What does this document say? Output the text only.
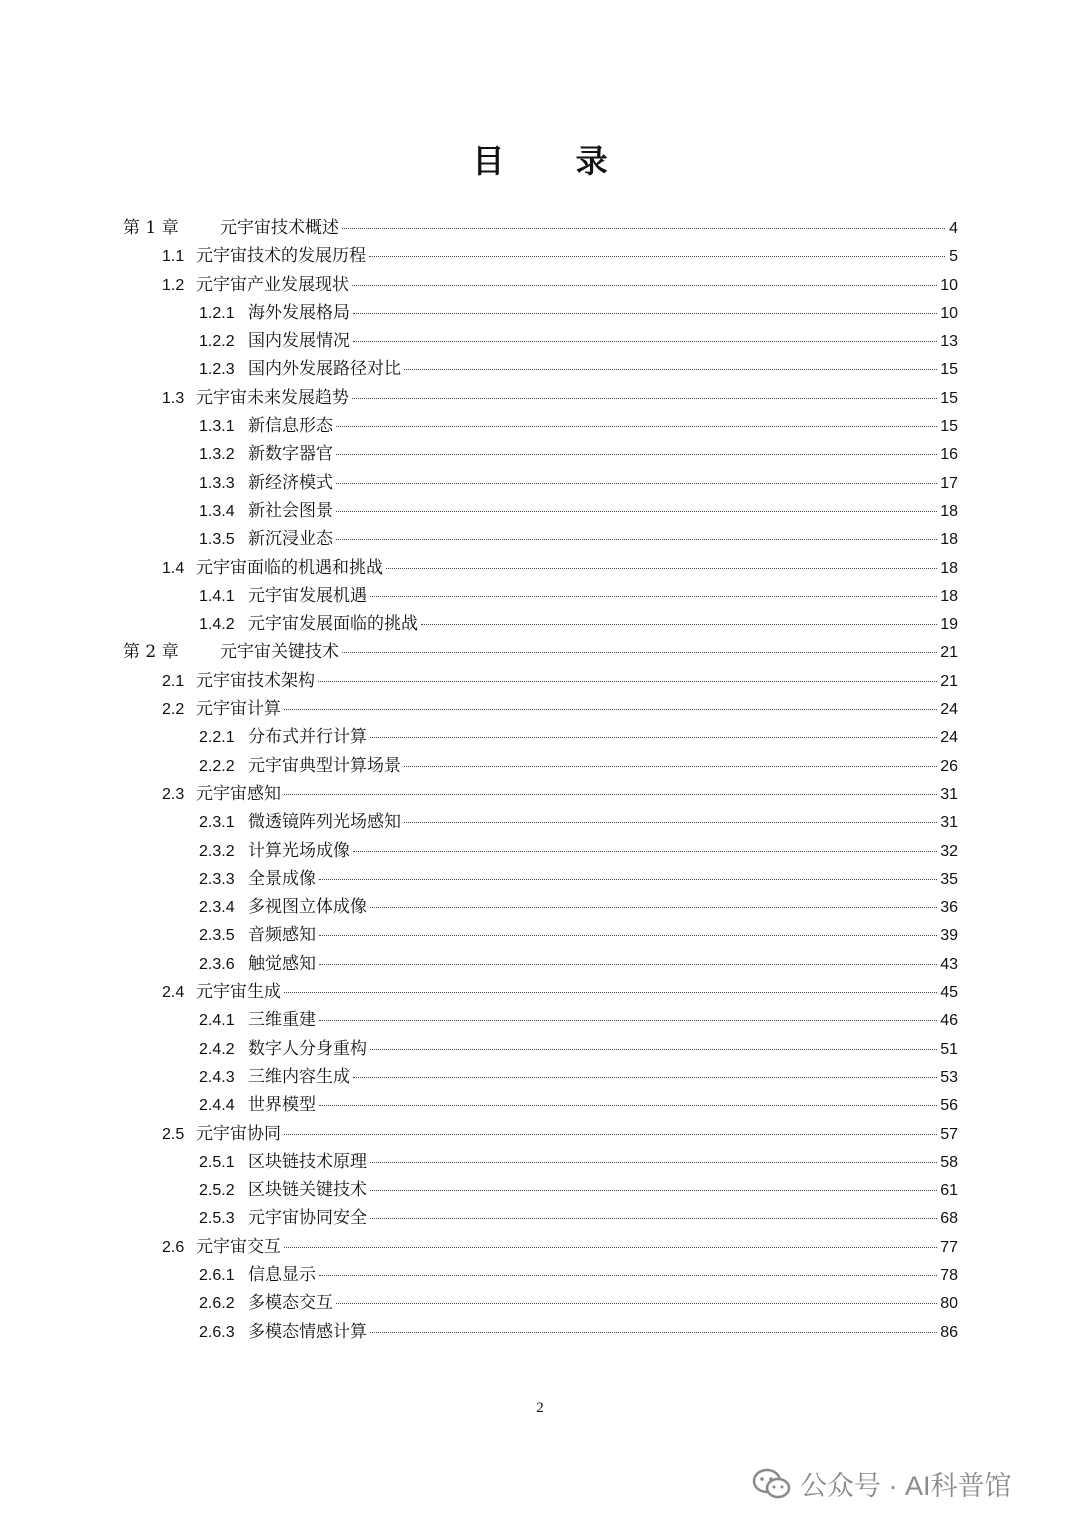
目 录
第 1 章	元宇宙技术概述	4
1.1 元宇宙技术的发展历程	5
1.2 元宇宙产业发展现状	10
1.2.1 海外发展格局	10
1.2.2 国内发展情况	13
1.2.3 国内外发展路径对比	15
1.3 元宇宙未来发展趋势	15
1.3.1 新信息形态	15
1.3.2 新数字器官	16
1.3.3 新经济模式	17
1.3.4 新社会图景	18
1.3.5 新沉浸业态	18
1.4 元宇宙面临的机遇和挑战	18
1.4.1 元宇宙发展机遇	18
1.4.2 元宇宙发展面临的挑战	19
第 2 章	元宇宙关键技术	21
2.1 元宇宙技术架构	21
2.2 元宇宙计算	24
2.2.1 分布式并行计算	24
2.2.2 元宇宙典型计算场景	26
2.3 元宇宙感知	31
2.3.1 微透镜阵列光场感知	31
2.3.2 计算光场成像	32
2.3.3 全景成像	35
2.3.4 多视图立体成像	36
2.3.5 音频感知	39
2.3.6 触觉感知	43
2.4 元宇宙生成	45
2.4.1 三维重建	46
2.4.2 数字人分身重构	51
2.4.3 三维内容生成	53
2.4.4 世界模型	56
2.5 元宇宙协同	57
2.5.1 区块链技术原理	58
2.5.2 区块链关键技术	61
2.5.3 元宇宙协同安全	68
2.6 元宇宙交互	77
2.6.1 信息显示	78
2.6.2 多模态交互	80
2.6.3 多模态情感计算	86
2
公众号 · AI科普馆
